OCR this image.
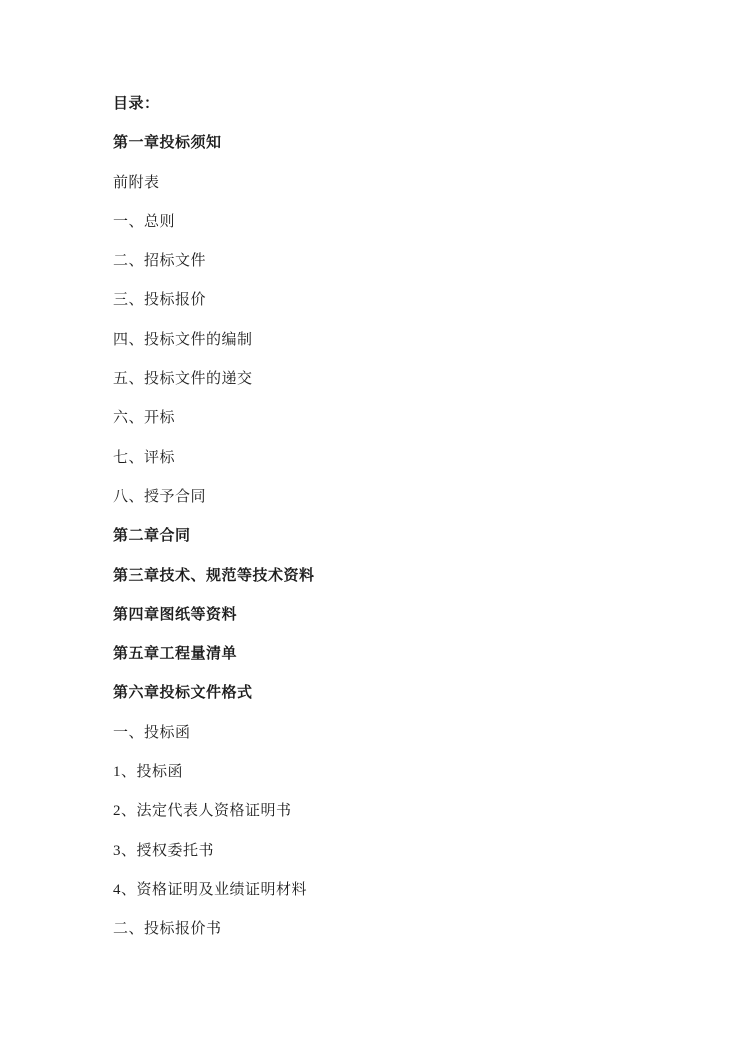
目录：
第一章投标须知
前附表
一、总则
二、招标文件
三、投标报价
四、投标文件的编制
五、投标文件的递交
六、开标
七、评标
八、授予合同
第二章合同
第三章技术、规范等技术资料
第四章图纸等资料
第五章工程量清单
第六章投标文件格式
一、投标函
1、投标函
2、法定代表人资格证明书
3、授权委托书
4、资格证明及业绩证明材料
二、投标报价书
